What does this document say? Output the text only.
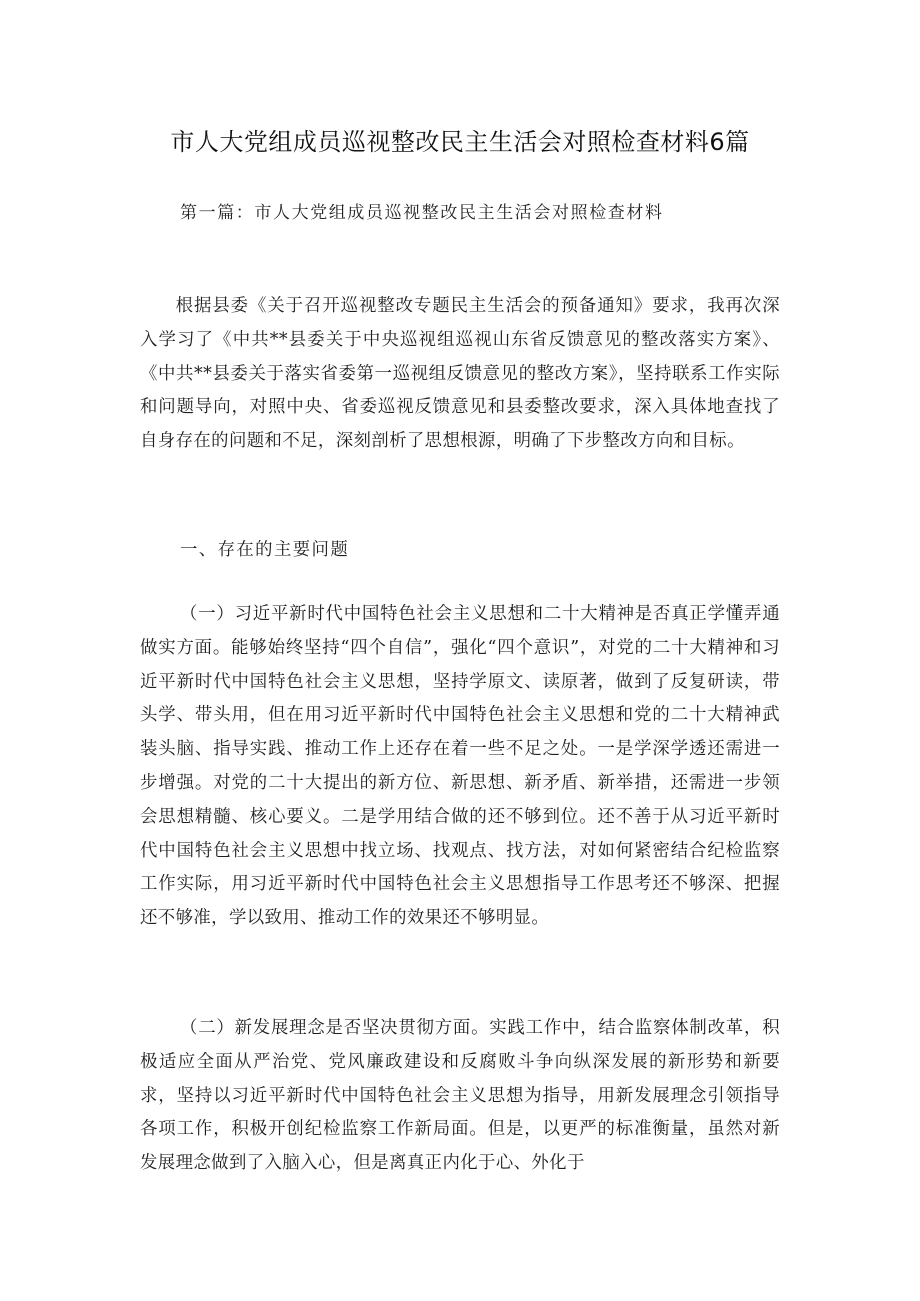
市人大党组成员巡视整改民主生活会对照检查材料6篇
第一篇：市人大党组成员巡视整改民主生活会对照检查材料

根据县委《关于召开巡视整改专题民主生活会的预备通知》要求，我再次深入学习了《中共**县委关于中央巡视组巡视山东省反馈意见的整改落实方案》、《中共**县委关于落实省委第一巡视组反馈意见的整改方案》，坚持联系工作实际和问题导向，对照中央、省委巡视反馈意见和县委整改要求，深入具体地查找了自身存在的问题和不足，深刻剖析了思想根源，明确了下步整改方向和目标。

一、存在的主要问题

（一）习近平新时代中国特色社会主义思想和二十大精神是否真正学懂弄通做实方面。能够始终坚持“四个自信”，强化“四个意识”，对党的二十大精神和习近平新时代中国特色社会主义思想，坚持学原文、读原著，做到了反复研读，带头学、带头用，但在用习近平新时代中国特色社会主义思想和党的二十大精神武装头脑、指导实践、推动工作上还存在着一些不足之处。一是学深学透还需进一步增强。对党的二十大提出的新方位、新思想、新矛盾、新举措，还需进一步领会思想精髓、核心要义。二是学用结合做的还不够到位。还不善于从习近平新时代中国特色社会主义思想中找立场、找观点、找方法，对如何紧密结合纪检监察工作实际，用习近平新时代中国特色社会主义思想指导工作思考还不够深、把握还不够准，学以致用、推动工作的效果还不够明显。

（二）新发展理念是否坚决贯彻方面。实践工作中，结合监察体制改革，积极适应全面从严治党、党风廉政建设和反腐败斗争向纵深发展的新形势和新要求，坚持以习近平新时代中国特色社会主义思想为指导，用新发展理念引领指导各项工作，积极开创纪检监察工作新局面。但是，以更严的标准衡量，虽然对新发展理念做到了入脑入心，但是离真正内化于心、外化于
